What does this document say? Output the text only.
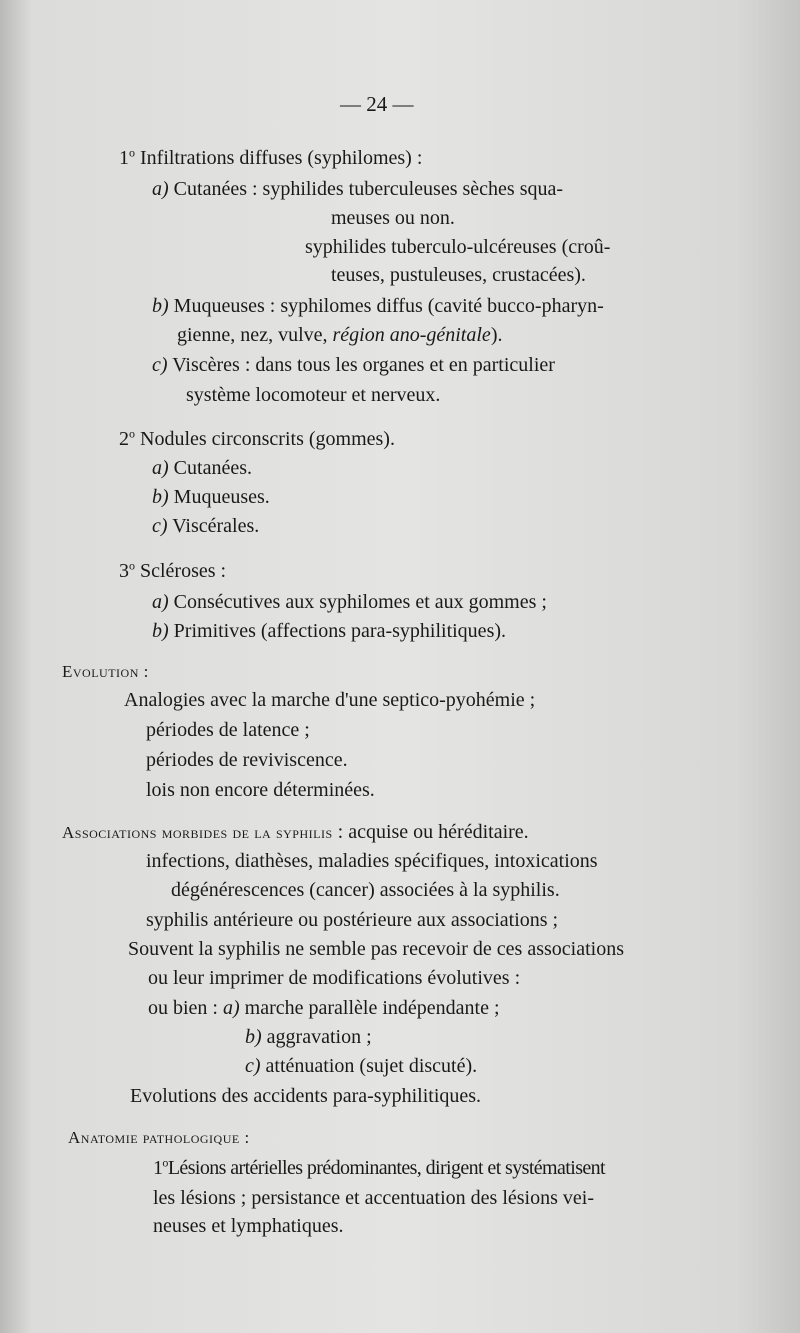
— 24 —
1$^o$ Infiltrations diffuses (syphilomes) :
a) Cutanées : syphilides tuberculeuses sèches squa-
meuses ou non.
syphilides tuberculo-ulcéreuses (croû-
teuses, pustuleuses, crustacées).
b) Muqueuses : syphilomes diffus (cavité bucco-pharyn-
gienne, nez, vulve, région ano-génitale).
c) Viscères : dans tous les organes et en particulier
système locomoteur et nerveux.
2$^o$ Nodules circonscrits (gommes).
a) Cutanées.
b) Muqueuses.
c) Viscérales.
3$^o$ Scléroses :
a) Consécutives aux syphilomes et aux gommes ;
b) Primitives (affections para-syphilitiques).
Evolution :
Analogies avec la marche d'une septico-pyohémie ;
périodes de latence ;
périodes de reviviscence.
lois non encore déterminées.
Associations morbides de la syphilis : acquise ou héréditaire.
infections, diathèses, maladies spécifiques, intoxications
dégénérescences (cancer) associées à la syphilis.
syphilis antérieure ou postérieure aux associations ;
Souvent la syphilis ne semble pas recevoir de ces associations
ou leur imprimer de modifications évolutives :
ou bien : a) marche parallèle indépendante ;
b) aggravation ;
c) atténuation (sujet discuté).
Evolutions des accidents para-syphilitiques.
Anatomie pathologique :
1$^o$Lésions artérielles prédominantes, dirigent et systématisent
les lésions ; persistance et accentuation des lésions vei-
neuses et lymphatiques.
